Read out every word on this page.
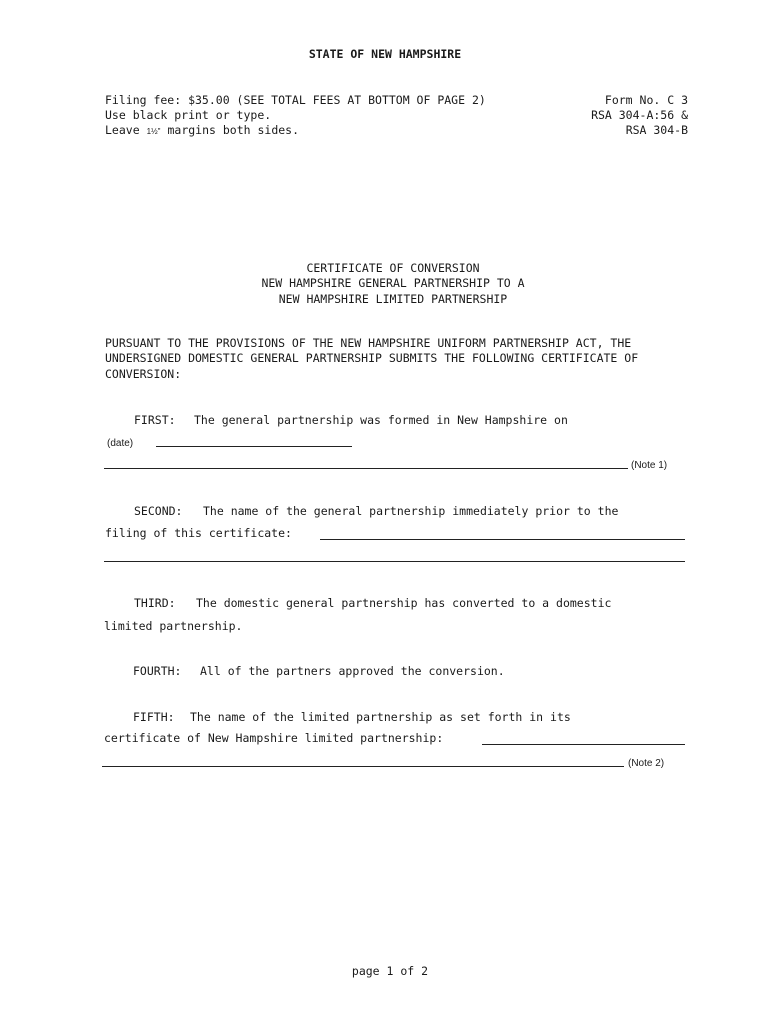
STATE OF NEW HAMPSHIRE
Filing fee: $35.00 (SEE TOTAL FEES AT BOTTOM OF PAGE 2)
Use black print or type.
Leave 1½" margins both sides.
Form No. C 3
RSA 304-A:56 &
RSA 304-B
CERTIFICATE OF CONVERSION
NEW HAMPSHIRE GENERAL PARTNERSHIP TO A
NEW HAMPSHIRE LIMITED PARTNERSHIP
PURSUANT TO THE PROVISIONS OF THE NEW HAMPSHIRE UNIFORM PARTNERSHIP ACT, THE
UNDERSIGNED DOMESTIC GENERAL PARTNERSHIP SUBMITS THE FOLLOWING CERTIFICATE OF
CONVERSION:
FIRST: The general partnership was formed in New Hampshire on
(date)
(Note 1)
SECOND: The name of the general partnership immediately prior to the
filing of this certificate:
THIRD: The domestic general partnership has converted to a domestic
limited partnership.
FOURTH: All of the partners approved the conversion.
FIFTH: The name of the limited partnership as set forth in its
certificate of New Hampshire limited partnership:
(Note 2)
page 1 of 2
